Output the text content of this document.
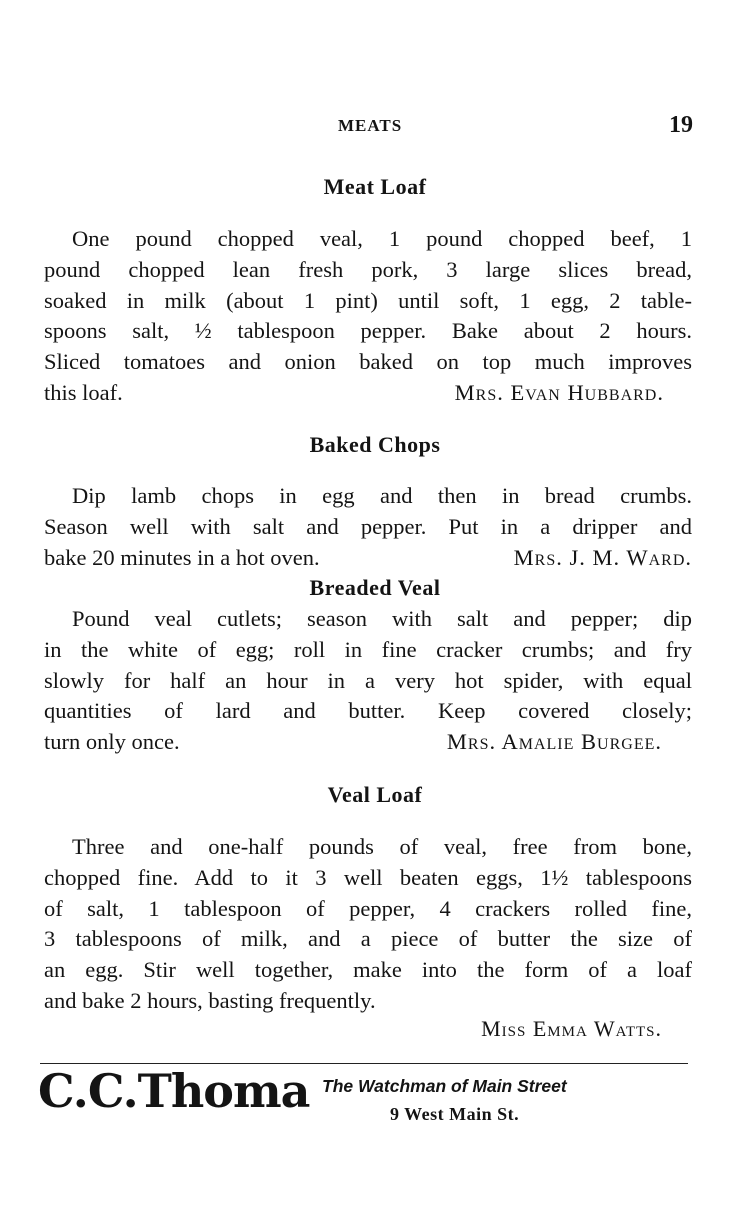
MEATS	19
Meat Loaf
One pound chopped veal, 1 pound chopped beef, 1
pound chopped lean fresh pork, 3 large slices bread,
soaked in milk (about 1 pint) until soft, 1 egg, 2 table-
spoons salt, ½ tablespoon pepper. Bake about 2 hours.
Sliced tomatoes and onion baked on top much improves
this loaf.	Mrs. Evan Hubbard.
Baked Chops
Dip lamb chops in egg and then in bread crumbs.
Season well with salt and pepper. Put in a dripper and
bake 20 minutes in a hot oven.	Mrs. J. M. Ward.
Breaded Veal
Pound veal cutlets; season with salt and pepper; dip
in the white of egg; roll in fine cracker crumbs; and fry
slowly for half an hour in a very hot spider, with equal
quantities of lard and butter. Keep covered closely;
turn only once.	Mrs. Amalie Burgee.
Veal Loaf
Three and one-half pounds of veal, free from bone,
chopped fine. Add to it 3 well beaten eggs, 1½ tablespoons
of salt, 1 tablespoon of pepper, 4 crackers rolled fine,
3 tablespoons of milk, and a piece of butter the size of
an egg. Stir well together, make into the form of a loaf
and bake 2 hours, basting frequently.
Miss Emma Watts.
C.C.Thoma The Watchman of Main Street
9 West Main St.
